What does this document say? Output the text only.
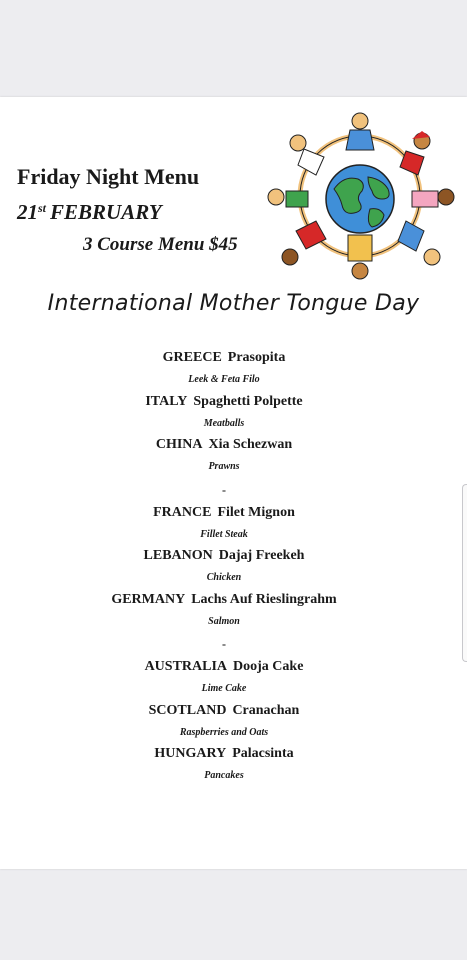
Friday Night Menu
21st FEBRUARY
3 Course Menu $45
International Mother Tongue Day
GREECE Prasopita
Leek & Feta Filo
ITALY Spaghetti Polpette
Meatballs
CHINA Xia Schezwan
Prawns
-
FRANCE Filet Mignon
Fillet Steak
LEBANON Dajaj Freekeh
Chicken
GERMANY Lachs Auf Rieslingrahm
Salmon
-
AUSTRALIA Dooja Cake
Lime Cake
SCOTLAND Cranachan
Raspberries and Oats
HUNGARY Palacsinta
Pancakes
